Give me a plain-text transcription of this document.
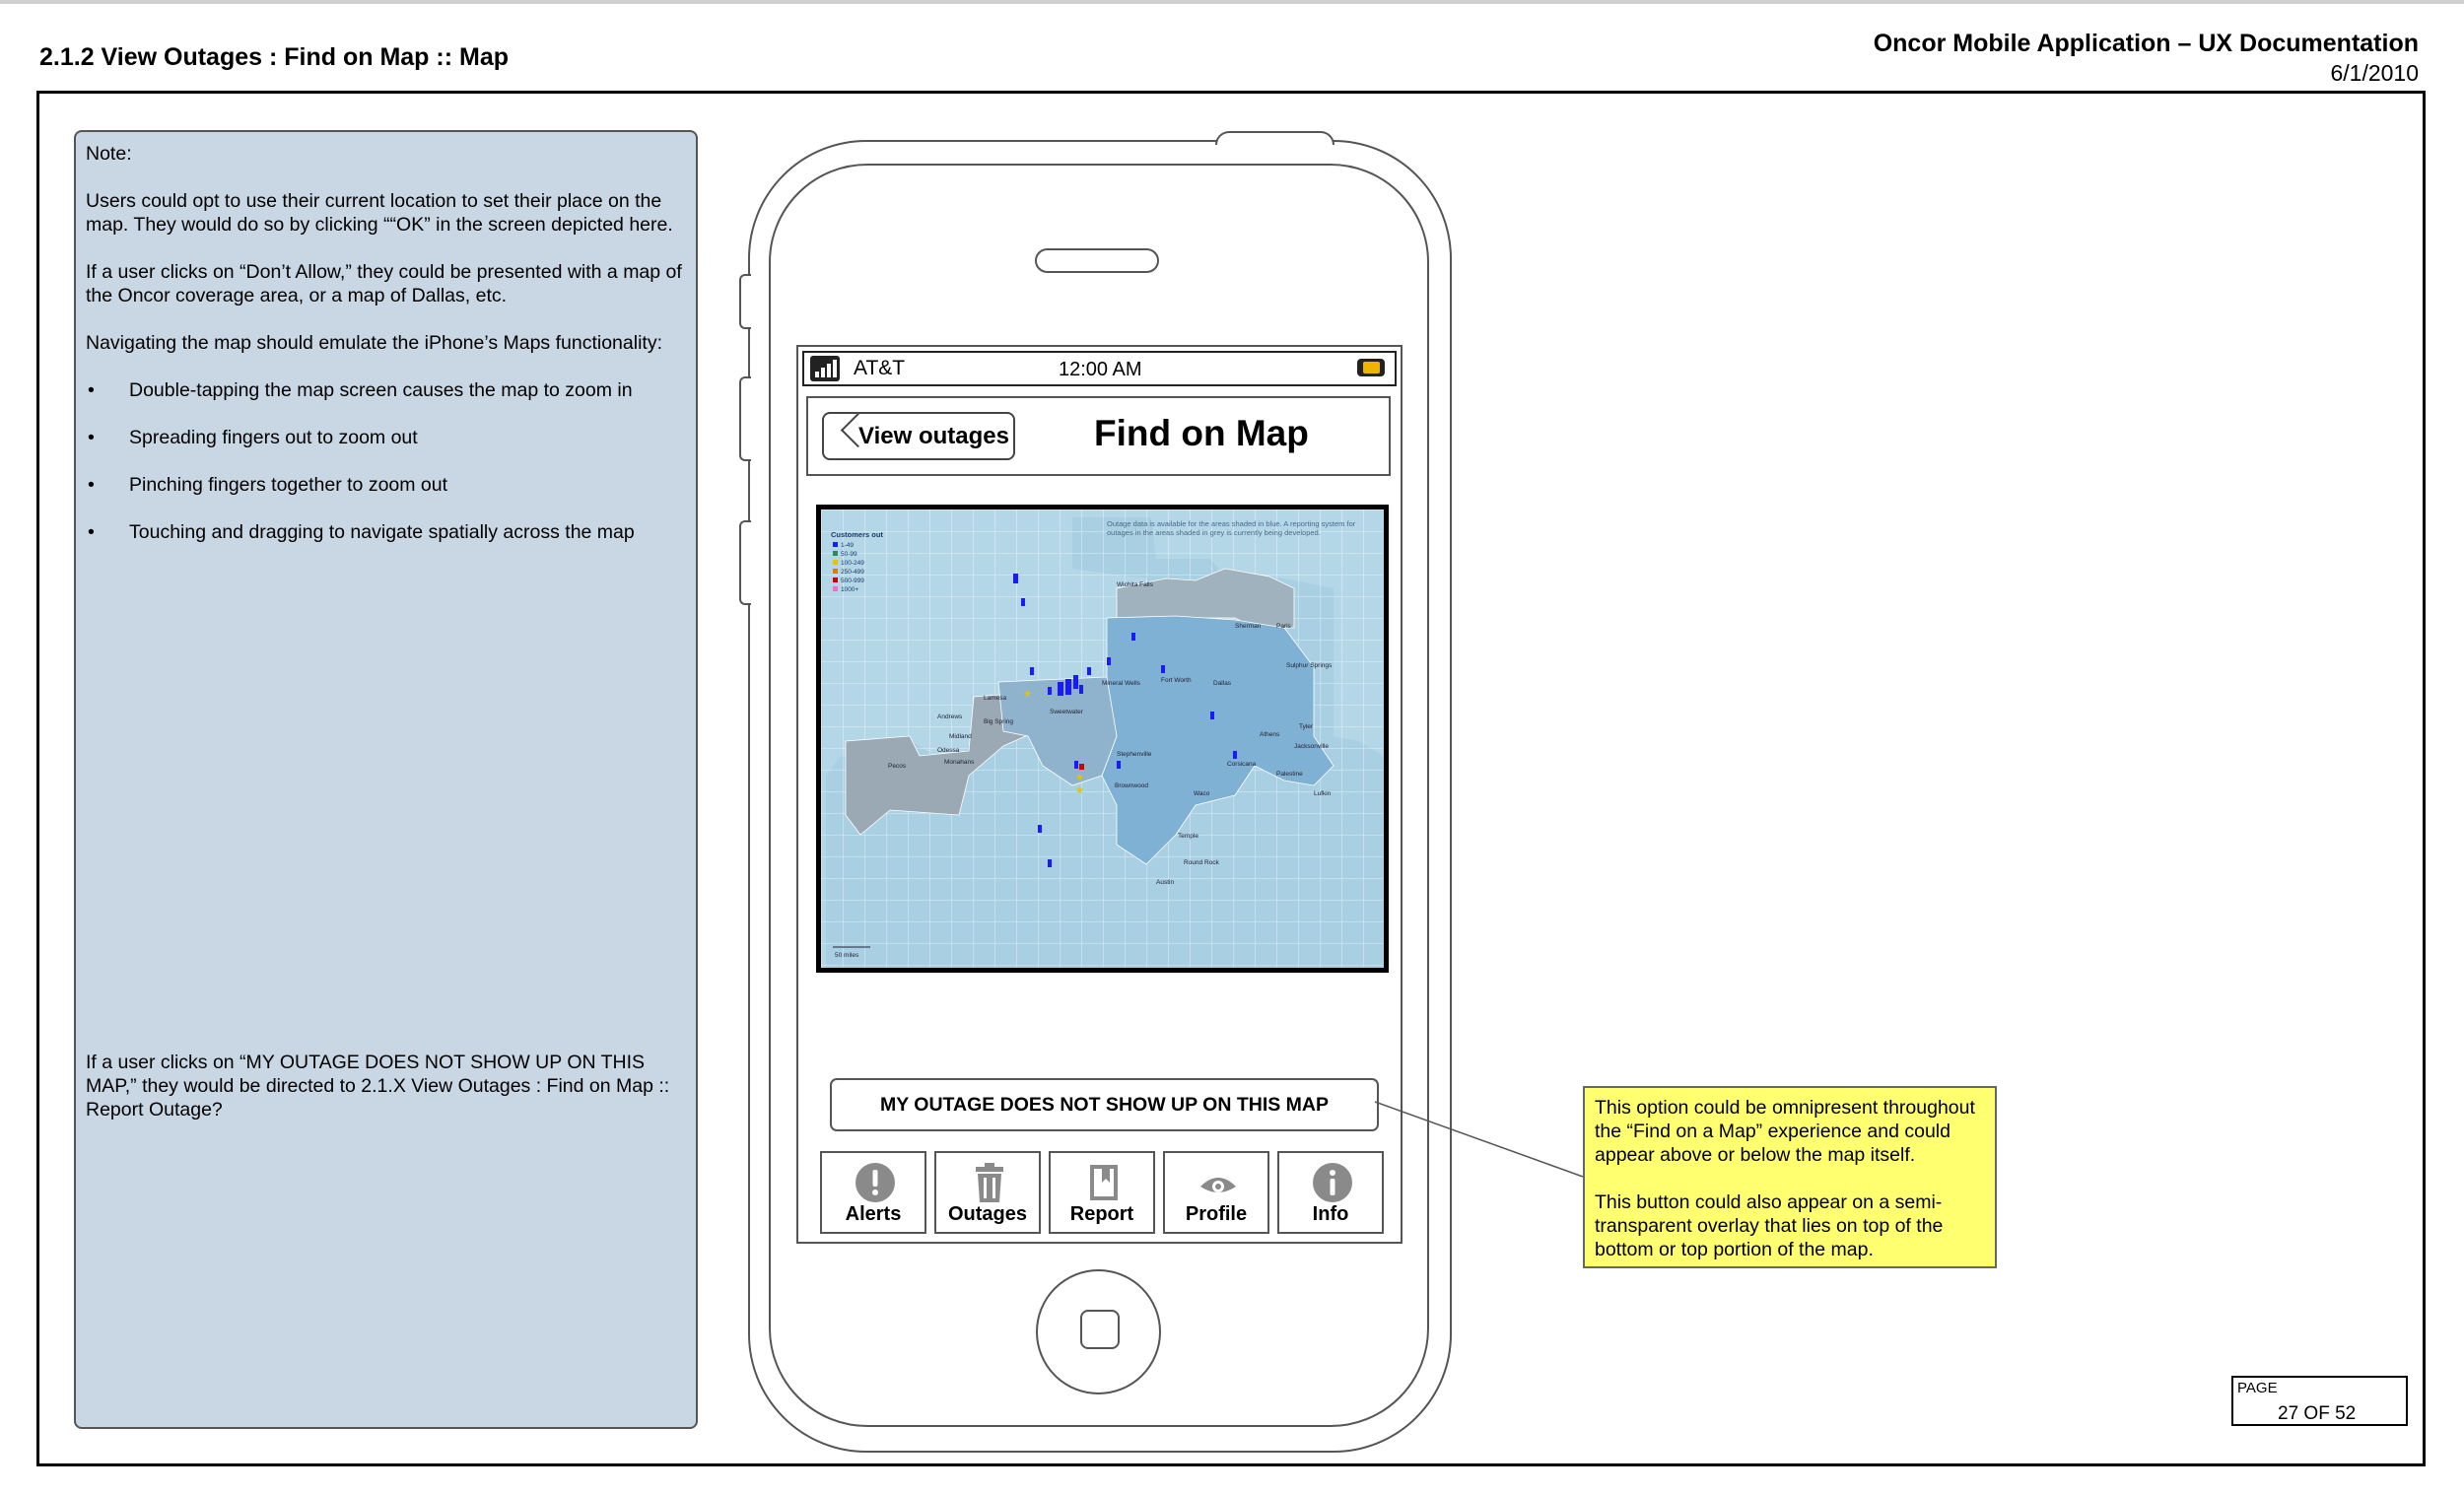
2.1.2 View Outages : Find on Map :: Map	Oncor Mobile Application – UX Documentation
6/1/2010

Note:

Users could opt to use their current location to set their place on the map. They would do so by clicking ““OK” in the screen depicted here.

If a user clicks on “Don’t Allow,” they could be presented with a map of the Oncor coverage area, or a map of Dallas, etc.

Navigating the map should emulate the iPhone’s Maps functionality:

• Double-tapping the map screen causes the map to zoom in
• Spreading fingers out to zoom out
• Pinching fingers together to zoom out
• Touching and dragging to navigate spatially across the map
If a user clicks on “MY OUTAGE DOES NOT SHOW UP ON THIS MAP,” they would be directed to 2.1.X View Outages : Find on Map :: Report Outage?
AT&T	12:00 AM
View outages Find on Map
★
★
★
Customers out
1-49
50-99
100-249
250-499
500-999
1000+
Outage data is available for the areas shaded in blue. A reporting system for outages in the areas shaded in grey is currently being developed.
Wichita Falls
Sherman Paris
Sulphur Springs
Mineral Wells	Fort Worth	Dallas
Tyler
Athens
Jacksonville
Corsicana
Palestine
Lufkin
Waco
Temple
Round Rock
Austin
Stephenville
Brownwood
Lamesa
Big Spring
Sweetwater
Andrews
Midland
Odessa
Pecos
Monahans
50 miles
MY OUTAGE DOES NOT SHOW UP ON THIS MAP
Alerts	Outages	Report	Profile	Info

This option could be omnipresent throughout the “Find on a Map” experience and could appear above or below the map itself.

This button could also appear on a semi-transparent overlay that lies on top of the bottom or top portion of the map.

PAGE
27 OF 52
